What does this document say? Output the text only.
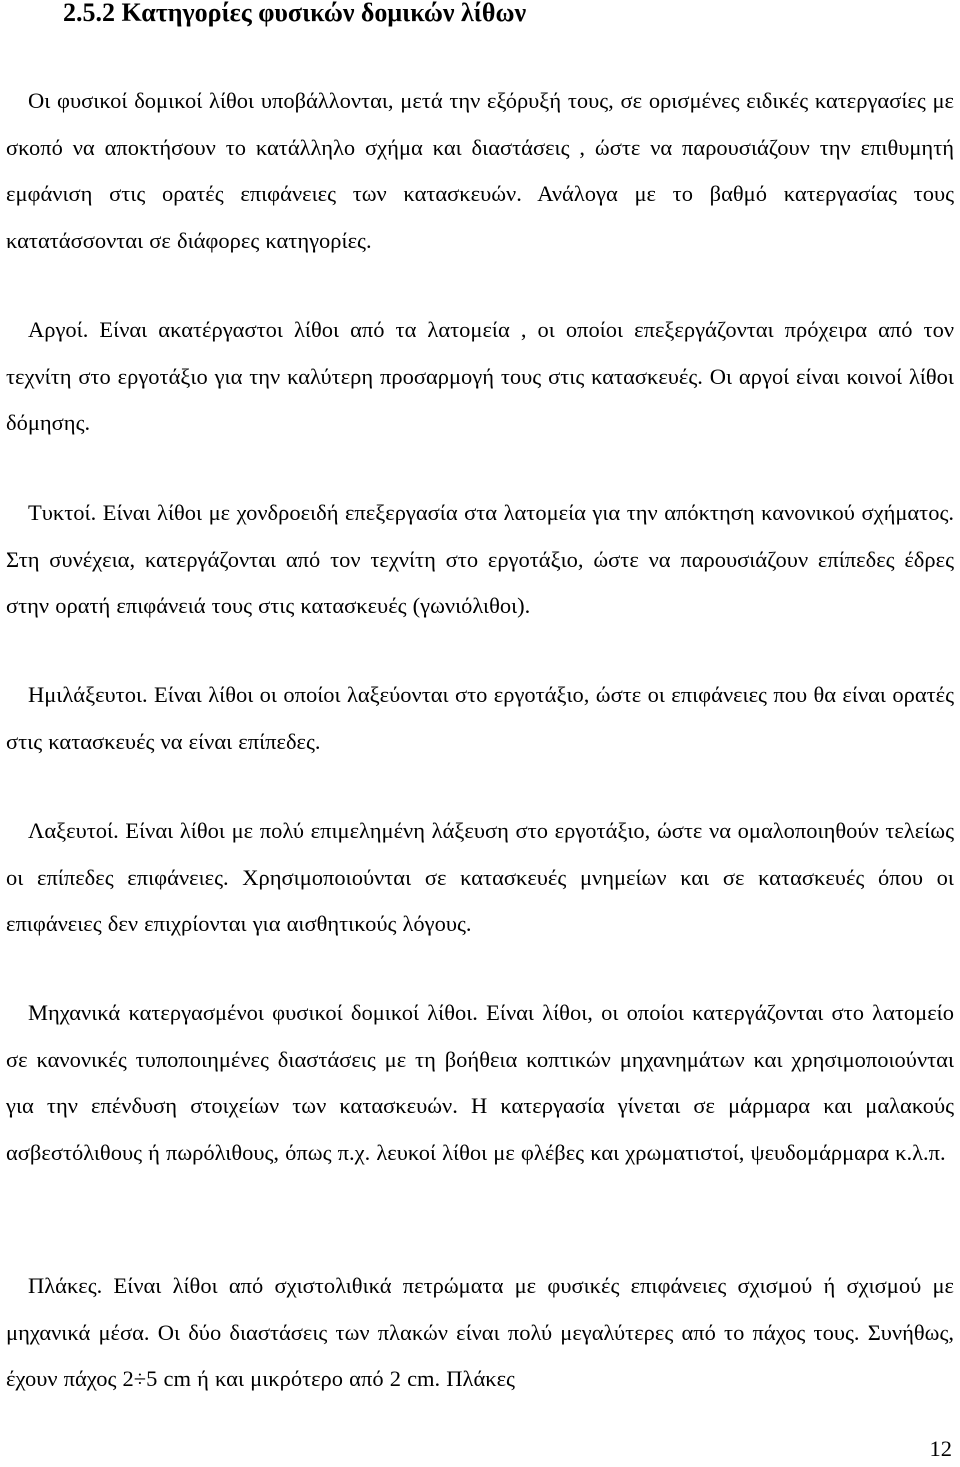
2.5.2 Κατηγορίες φυσικών δομικών λίθων

Οι φυσικοί δομικοί λίθοι υποβάλλονται, μετά την εξόρυξή τους, σε ορισμένες ειδικές κατεργασίες με σκοπό να αποκτήσουν το κατάλληλο σχήμα και διαστάσεις , ώστε να παρουσιάζουν την επιθυμητή εμφάνιση στις ορατές επιφάνειες των κατασκευών. Ανάλογα με το βαθμό κατεργασίας τους κατατάσσονται σε διάφορες κατηγορίες.

Αργοί. Είναι ακατέργαστοι λίθοι από τα λατομεία , οι οποίοι επεξεργάζονται πρόχειρα από τον τεχνίτη στο εργοτάξιο για την καλύτερη προσαρμογή τους στις κατασκευές. Οι αργοί είναι κοινοί λίθοι δόμησης.

Τυκτοί. Είναι λίθοι με χονδροειδή επεξεργασία στα λατομεία για την απόκτηση κανονικού σχήματος. Στη συνέχεια, κατεργάζονται από τον τεχνίτη στο εργοτάξιο, ώστε να παρουσιάζουν επίπεδες έδρες στην ορατή επιφάνειά τους στις κατασκευές (γωνιόλιθοι).

Ημιλάξευτοι. Είναι λίθοι οι οποίοι λαξεύονται στο εργοτάξιο, ώστε οι επιφάνειες που θα είναι ορατές στις κατασκευές να είναι επίπεδες.

Λαξευτοί. Είναι λίθοι με πολύ επιμελημένη λάξευση στο εργοτάξιο, ώστε να ομαλοποιηθούν τελείως οι επίπεδες επιφάνειες. Χρησιμοποιούνται σε κατασκευές μνημείων και σε κατασκευές όπου οι επιφάνειες δεν επιχρίονται για αισθητικούς λόγους.

Μηχανικά κατεργασμένοι φυσικοί δομικοί λίθοι. Είναι λίθοι, οι οποίοι κατεργάζονται στο λατομείο σε κανονικές τυποποιημένες διαστάσεις με τη βοήθεια κοπτικών μηχανημάτων και χρησιμοποιούνται για την επένδυση στοιχείων των κατασκευών. Η κατεργασία γίνεται σε μάρμαρα και μαλακούς ασβεστόλιθους ή πωρόλιθους, όπως π.χ. λευκοί λίθοι με φλέβες και χρωματιστοί, ψευδομάρμαρα κ.λ.π.

Πλάκες. Είναι λίθοι από σχιστολιθικά πετρώματα με φυσικές επιφάνειες σχισμού ή σχισμού με μηχανικά μέσα. Οι δύο διαστάσεις των πλακών είναι πολύ μεγαλύτερες από το πάχος τους. Συνήθως, έχουν πάχος 2÷5 cm ή και μικρότερο από 2 cm. Πλάκες

12
